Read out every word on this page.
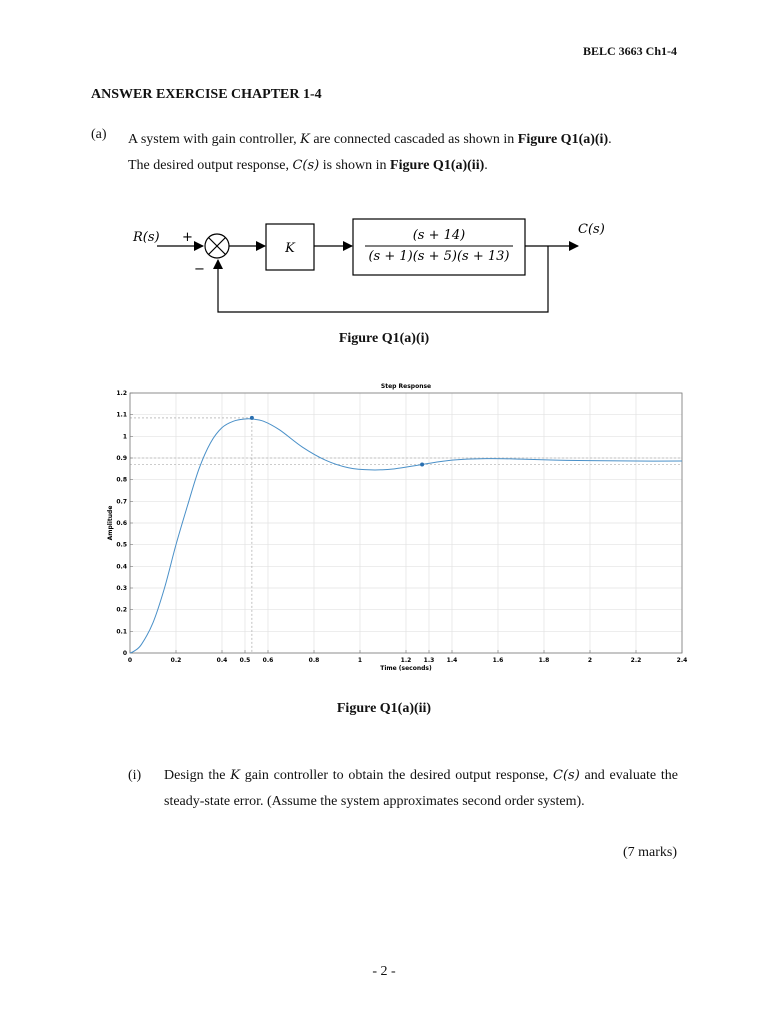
BELC 3663 Ch1-4
ANSWER EXERCISE CHAPTER 1-4
(a) A system with gain controller, K are connected cascaded as shown in Figure Q1(a)(i).
The desired output response, C(s) is shown in Figure Q1(a)(ii).
R(s) +
−
K
(s + 14)
(s + 1)(s + 5)(s + 13)
C(s)
Figure Q1(a)(i)
Step Response
0	0.2	0.4 0.5 0.6	0.8	1	1.2 1.3 1.4	1.6	1.8	2	2.2	2.4
0
0.1
0.2
0.3
0.4
0.5
0.6
0.7
0.8
0.9
1
1.1
1.2
Time (seconds)
Amplitude
Figure Q1(a)(ii)
(i) Design the K gain controller to obtain the desired output response, C(s) and evaluate the steady-state error. (Assume the system approximates second order system).
(7 marks)
- 2 -
